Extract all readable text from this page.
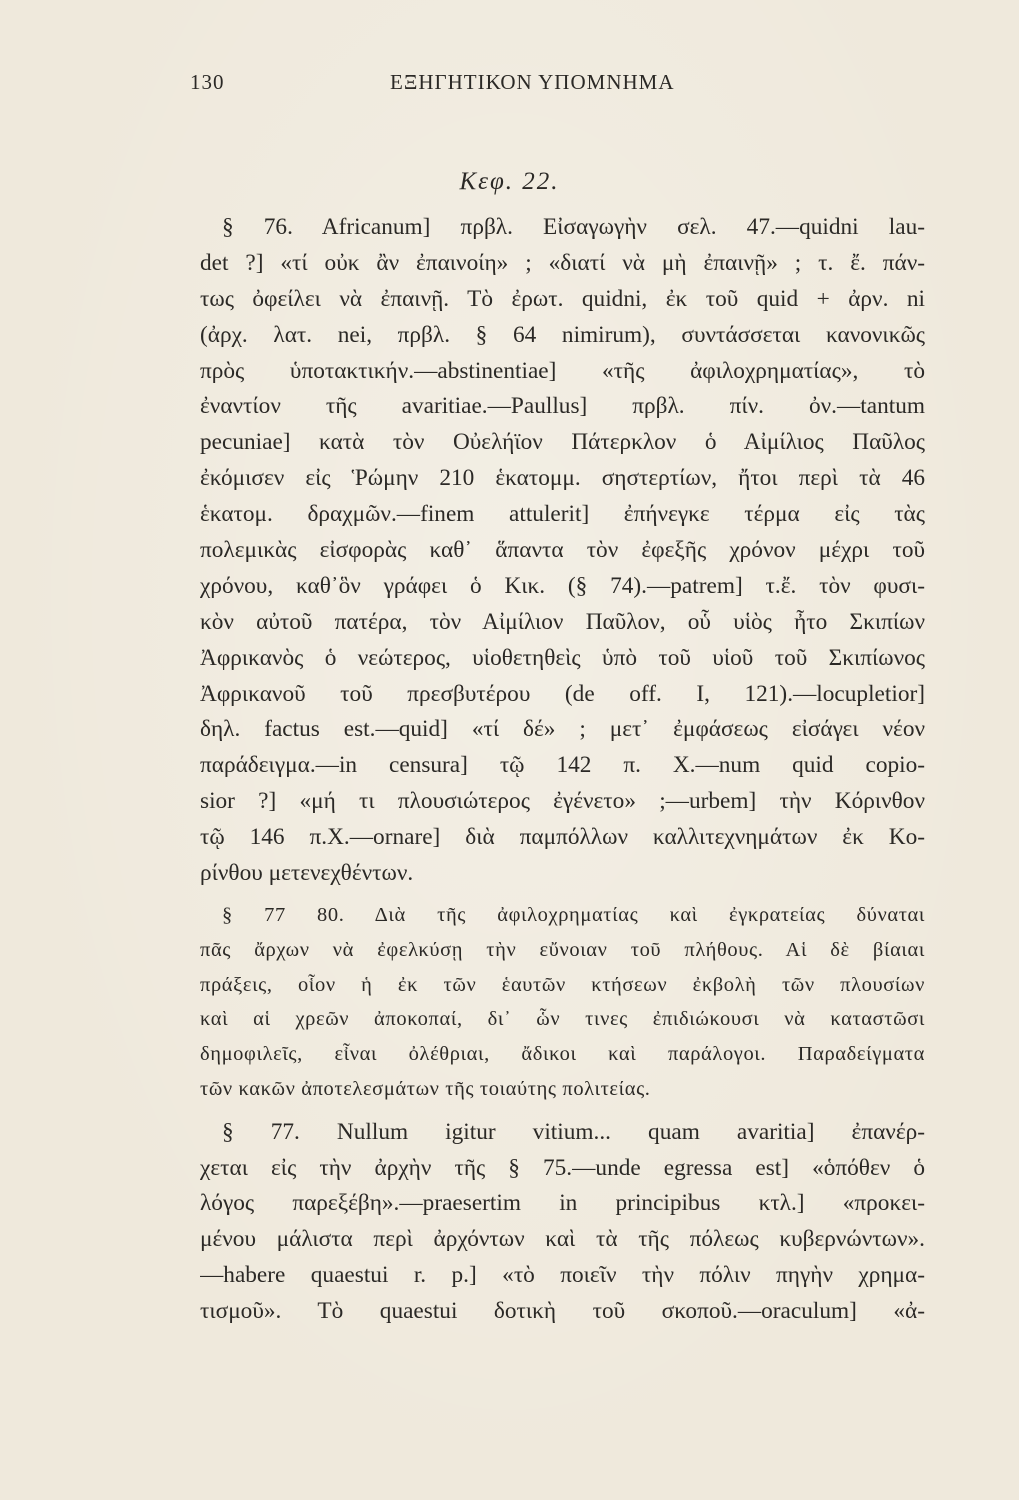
130	ΕΞΗΓΗΤΙΚΟΝ ΥΠΟΜΝΗΜΑ
Κεφ. 22.
§ 76. Africanum] πρβλ. Εἰσαγωγὴν σελ. 47.—quidni lau-
det ?] «τί οὐκ ἂν ἐπαινοίη» ; «διατί νὰ μὴ ἐπαινῇ» ; τ. ἔ. πάν-
τως ὀφείλει νὰ ἐπαινῇ. Τὸ ἐρωτ. quidni, ἐκ τοῦ quid + ἀρν. ni
(ἀρχ. λατ. nei, πρβλ. § 64 nimirum), συντάσσεται κανονικῶς
πρὸς ὑποτακτικήν.—abstinentiae] «τῆς ἀφιλοχρηματίας», τὸ
ἐναντίον τῆς avaritiae.—Paullus] πρβλ. πίν. ὀν.—tantum
pecuniae] κατὰ τὸν Οὐελήϊον Πάτερκλον ὁ Αἰμίλιος Παῦλος
ἐκόμισεν εἰς Ῥώμην 210 ἑκατομμ. σηστερτίων, ἤτοι περὶ τὰ 46
ἑκατομ. δραχμῶν.—finem attulerit] ἐπήνεγκε τέρμα εἰς τὰς
πολεμικὰς εἰσφορὰς καθ᾽ ἅπαντα τὸν ἐφεξῆς χρόνον μέχρι τοῦ
χρόνου, καθ᾽ὃν γράφει ὁ Κικ. (§ 74).—patrem] τ.ἔ. τὸν φυσι-
κὸν αὐτοῦ πατέρα, τὸν Αἰμίλιον Παῦλον, οὗ υἱὸς ἦτο Σκιπίων
Ἀφρικανὸς ὁ νεώτερος, υἱοθετηθεὶς ὑπὸ τοῦ υἱοῦ τοῦ Σκιπίωνος
Ἀφρικανοῦ τοῦ πρεσβυτέρου (de off. I, 121).—locupletior]
δηλ. factus est.—quid] «τί δέ» ; μετ᾽ ἐμφάσεως εἰσάγει νέον
παράδειγμα.—in censura] τῷ 142 π. Χ.—num quid copio-
sior ?] «μή τι πλουσιώτερος ἐγένετο» ;—urbem] τὴν Κόρινθον
τῷ 146 π.Χ.—ornare] διὰ παμπόλλων καλλιτεχνημάτων ἐκ Κο-
ρίνθου μετενεχθέντων.
§ 77 80. Διὰ τῆς ἀφιλοχρηματίας καὶ ἐγκρατείας δύναται
πᾶς ἄρχων νὰ ἐφελκύσῃ τὴν εὔνοιαν τοῦ πλήθους. Αἱ δὲ βίαιαι
πράξεις, οἷον ἡ ἐκ τῶν ἑαυτῶν κτήσεων ἐκβολὴ τῶν πλουσίων
καὶ αἱ χρεῶν ἀποκοπαί, δι᾽ ὧν τινες ἐπιδιώκουσι νὰ καταστῶσι
δημοφιλεῖς, εἶναι ὀλέθριαι, ἄδικοι καὶ παράλογοι. Παραδείγματα
τῶν κακῶν ἀποτελεσμάτων τῆς τοιαύτης πολιτείας.
§ 77. Nullum igitur vitium... quam avaritia] ἐπανέρ-
χεται εἰς τὴν ἀρχὴν τῆς § 75.—unde egressa est] «ὁπόθεν ὁ
λόγος παρεξέβη».—praesertim in principibus κτλ.] «προκει-
μένου μάλιστα περὶ ἀρχόντων καὶ τὰ τῆς πόλεως κυβερνώντων».
—habere quaestui r. p.] «τὸ ποιεῖν τὴν πόλιν πηγὴν χρημα-
τισμοῦ». Τὸ quaestui δοτικὴ τοῦ σκοποῦ.—oraculum] «ἀ-
